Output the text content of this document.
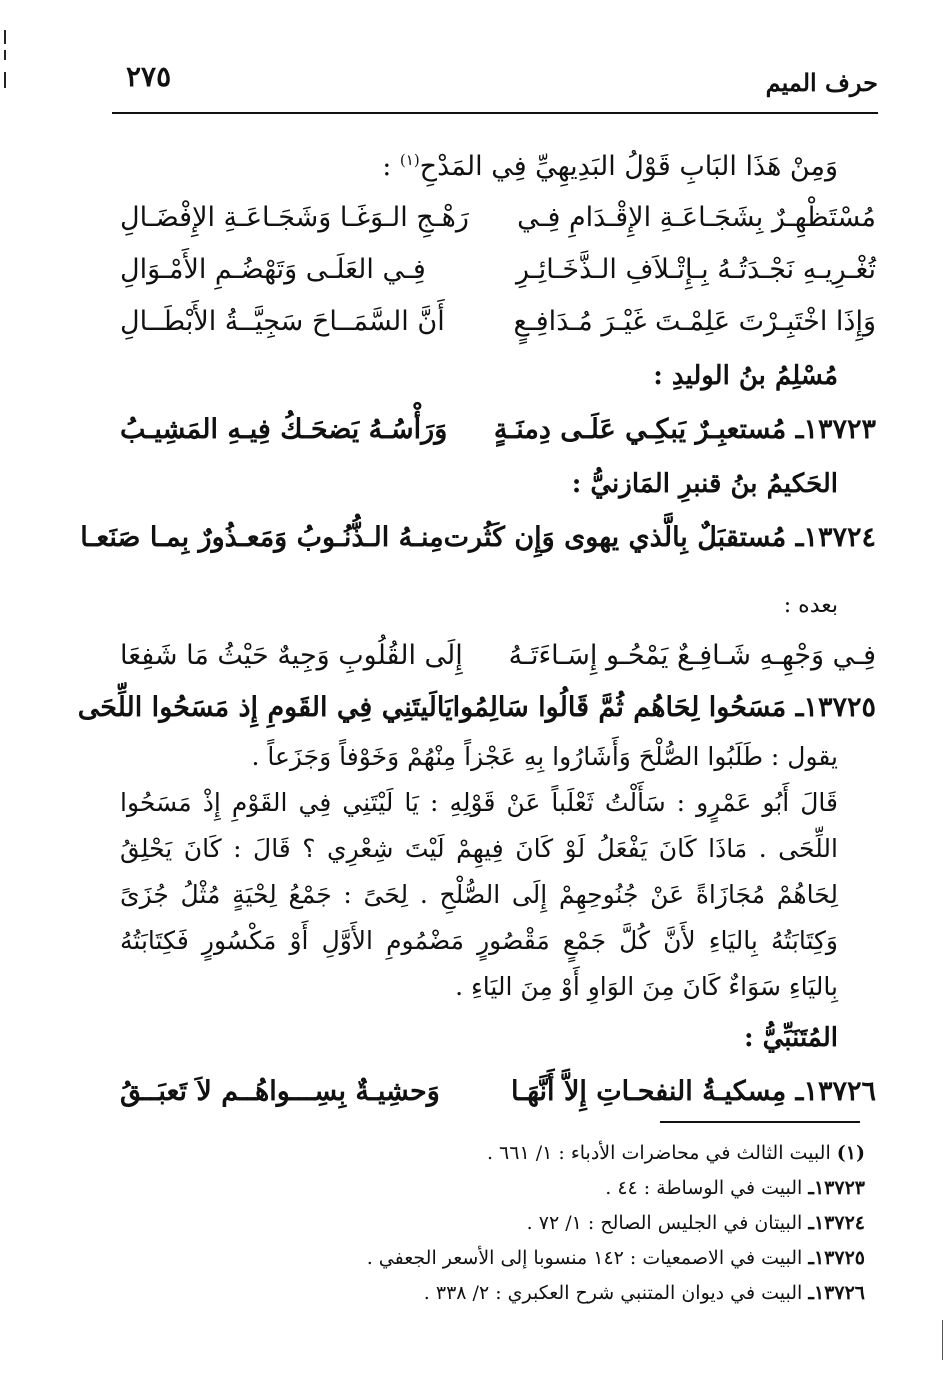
حرف الميم
٢٧٥
وَمِنْ هَذَا البَابِ قَوْلُ البَدِيهِيِّ فِي المَدْحِ$^{(١)}$ :
مُسْتَظْهِـرٌ بِشَجَـاعَـةِ الإِقْـدَامِ فِـي
رَهْـجِ الـوَغَـا وَشَجَـاعَـةِ الإِفْضَـالِ
تُغْـرِيـهِ نَجْـدَتُـهُ بِـإِتْـلاَفِ الـذَّخَـائِـرِ
فِـي العَلَـى وَتَهْضُـمِ الأَمْـوَالِ
وَإِذَا اخْتَبِـرْتَ عَلِمْـتَ غَيْـرَ مُـدَافِـعٍ
أَنَّ السَّمَــاحَ سَجِيَّــةُ الأَبْطَــالِ
مُسْلِمُ بنُ الوليدِ :
١٣٧٢٣ـ مُستعبِـرٌ يَبكِـي عَلَـى دِمنَـةٍ
وَرَأْسُـهُ يَضحَـكُ فِيـهِ المَشِيـبُ
الحَكيمُ بنُ قنبرِ المَازنيُّ :
١٣٧٢٤ـ مُستقبَلٌ بِالَّذي يهوى وَإِن كَثُرت
مِنـهُ الـذُّنُـوبُ وَمَعـذُورٌ بِمـا صَنَعـا
بعده :
فِـي وَجْهِـهِ شَـافِـعٌ يَمْحُـو إِسَـاءَتَـهُ
إِلَى القُلُوبِ وَجِيهٌ حَيْثُ مَا شَفِعَا
١٣٧٢٥ـ مَسَحُوا لِحَاهُم ثُمَّ قَالُوا سَالِمُوا
يَالَيتَنِي فِي القَومِ إِذ مَسَحُوا اللِّحَى

يقول : طَلَبُوا الصُّلْحَ وَأَشَارُوا بِهِ عَجْزاً مِنْهُمْ وَخَوْفاً وَجَزَعاً .

قَالَ أَبُو عَمْرٍو : سَأَلْتُ ثَعْلَباً عَنْ قَوْلِهِ : يَا لَيْتَنِي فِي القَوْمِ إِذْ مَسَحُوا اللِّحَى . مَاذَا كَانَ يَفْعَلُ لَوْ كَانَ فِيهِمْ لَيْتَ شِعْرِي ؟ قَالَ : كَانَ يَحْلِقُ لِحَاهُمْ مُجَازَاةً عَنْ جُنُوحِهِمْ إِلَى الصُّلْحِ . لِحَىً : جَمْعُ لِحْيَةٍ مُثْلُ جُزَىً وَكِتَابَتُهُ بِاليَاءِ لأَنَّ كُلَّ جَمْعٍ مَقْصُورٍ مَضْمُومِ الأَوَّلِ أَوْ مَكْسُورٍ فَكِتَابَتُهُ بِاليَاءِ سَوَاءٌ كَانَ مِنَ الوَاوِ أَوْ مِنَ اليَاءِ .

المُتَنَبِّيُّ :
١٣٧٢٦ـ مِسكيـةُ النفحـاتِ إِلاَّ أَنَّهَـا
وَحشِيـةٌ بِسِـــواهُــم لاَ تَعبَــقُ
(١) البيت الثالث في محاضرات الأدباء : ١/ ٦٦١ .
١٣٧٢٣ـ البيت في الوساطة : ٤٤ .
١٣٧٢٤ـ البيتان في الجليس الصالح : ١/ ٧٢ .
١٣٧٢٥ـ البيت في الاصمعيات : ١٤٢ منسوبا إلى الأسعر الجعفي .
١٣٧٢٦ـ البيت في ديوان المتنبي شرح العكبري : ٢/ ٣٣٨ .
